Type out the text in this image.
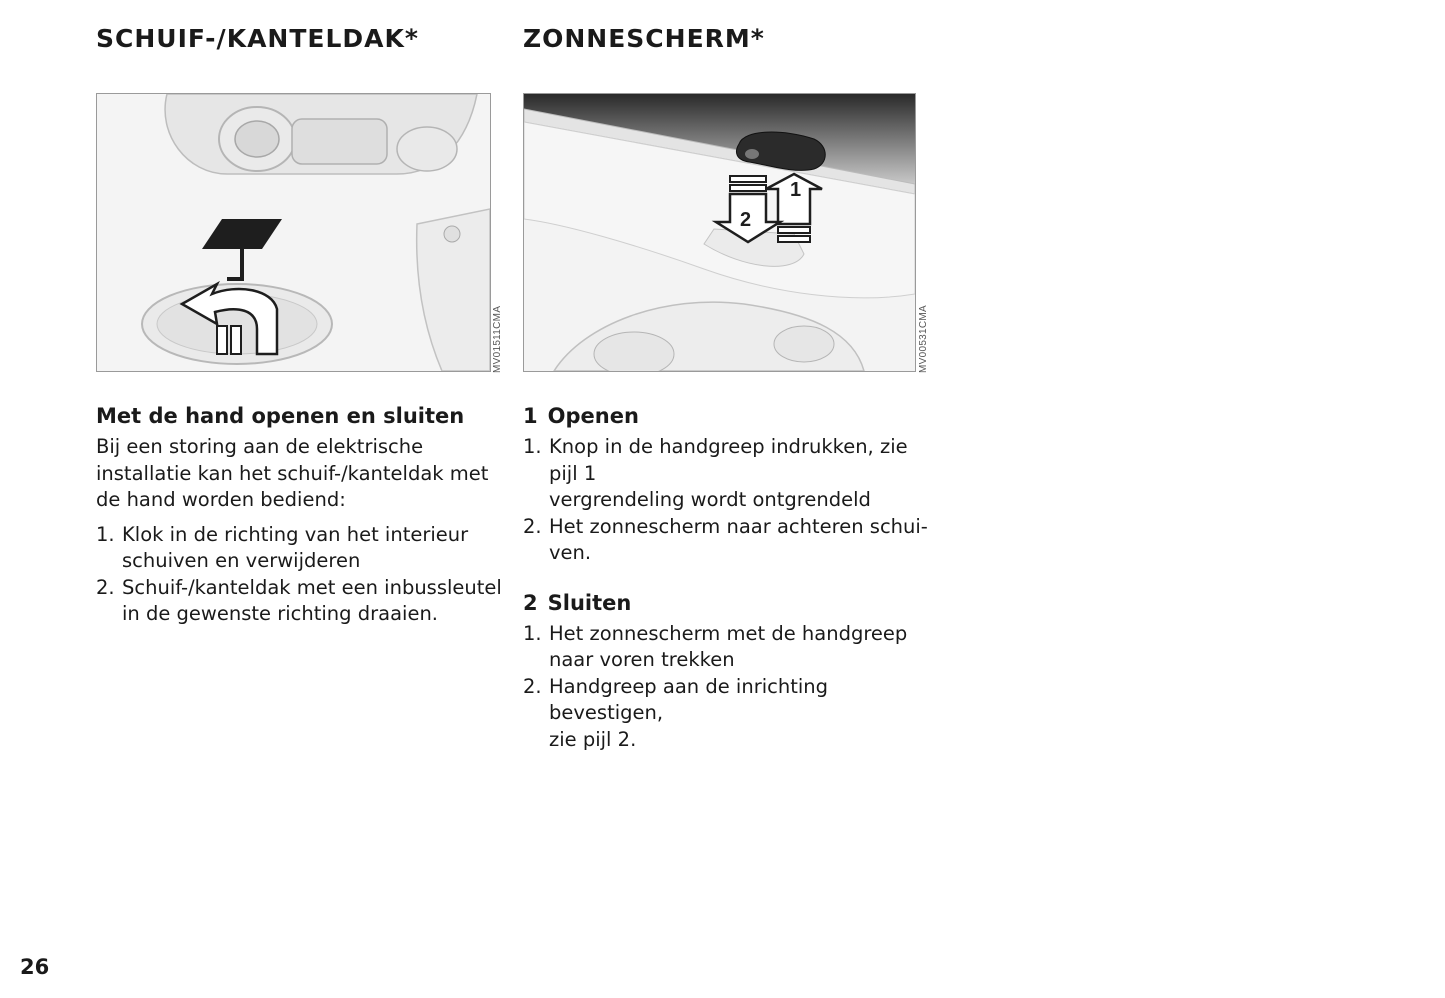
SCHUIF-/KANTELDAK*
MV01511CMA
Met de hand openen en sluiten

Bij een storing aan de elektrische installatie kan het schuif-/kanteldak met de hand worden bediend:

1. Klok in de richting van het interieur
schuiven en verwijderen
2. Schuif-/kanteldak met een inbussleutel
in de gewenste richting draaien.
ZONNESCHERM*
1
2
MV00531CMA
1 Openen
1. Knop in de handgreep indrukken, zie
pijl 1
vergrendeling wordt ontgrendeld
2. Het zonnescherm naar achteren schui-
ven.
2 Sluiten
1. Het zonnescherm met de handgreep
naar voren trekken
2. Handgreep aan de inrichting bevestigen,
zie pijl 2.
26
